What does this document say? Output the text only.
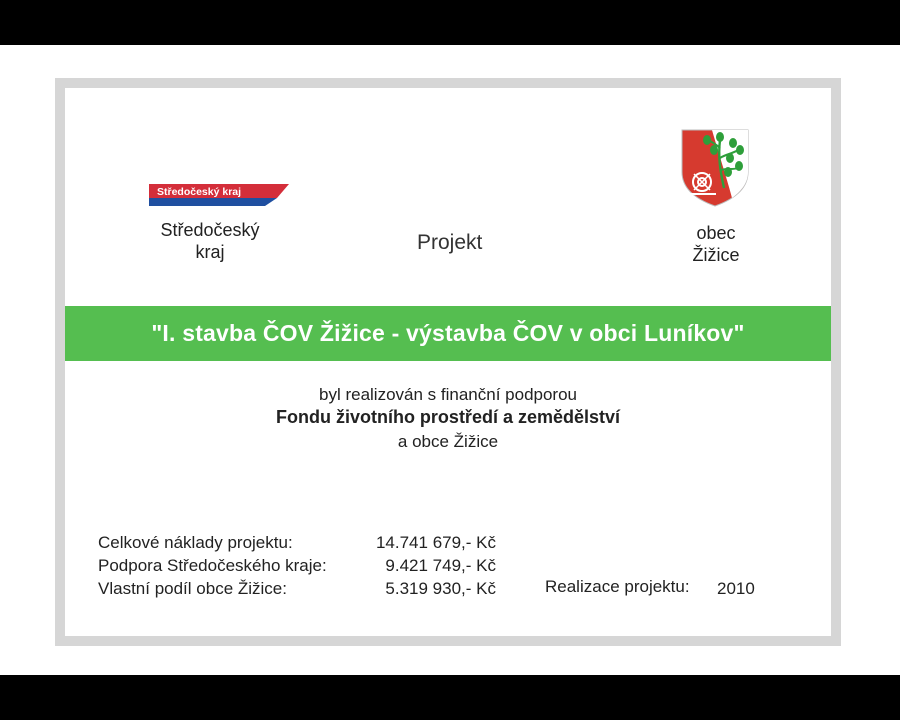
Středočeský kraj
Středočeský
kraj	Projekt	obec
Žižice
"I. stavba ČOV Žižice - výstavba ČOV v obci Luníkov"
byl realizován s finanční podporou
Fondu životního prostředí a zemědělství
a obce Žižice
Celkové náklady projektu:	14.741 679,- Kč
Podpora Středočeského kraje:	9.421 749,- Kč
Vlastní podíl obce Žižice:	5.319 930,- Kč	Realizace projektu: 2010
